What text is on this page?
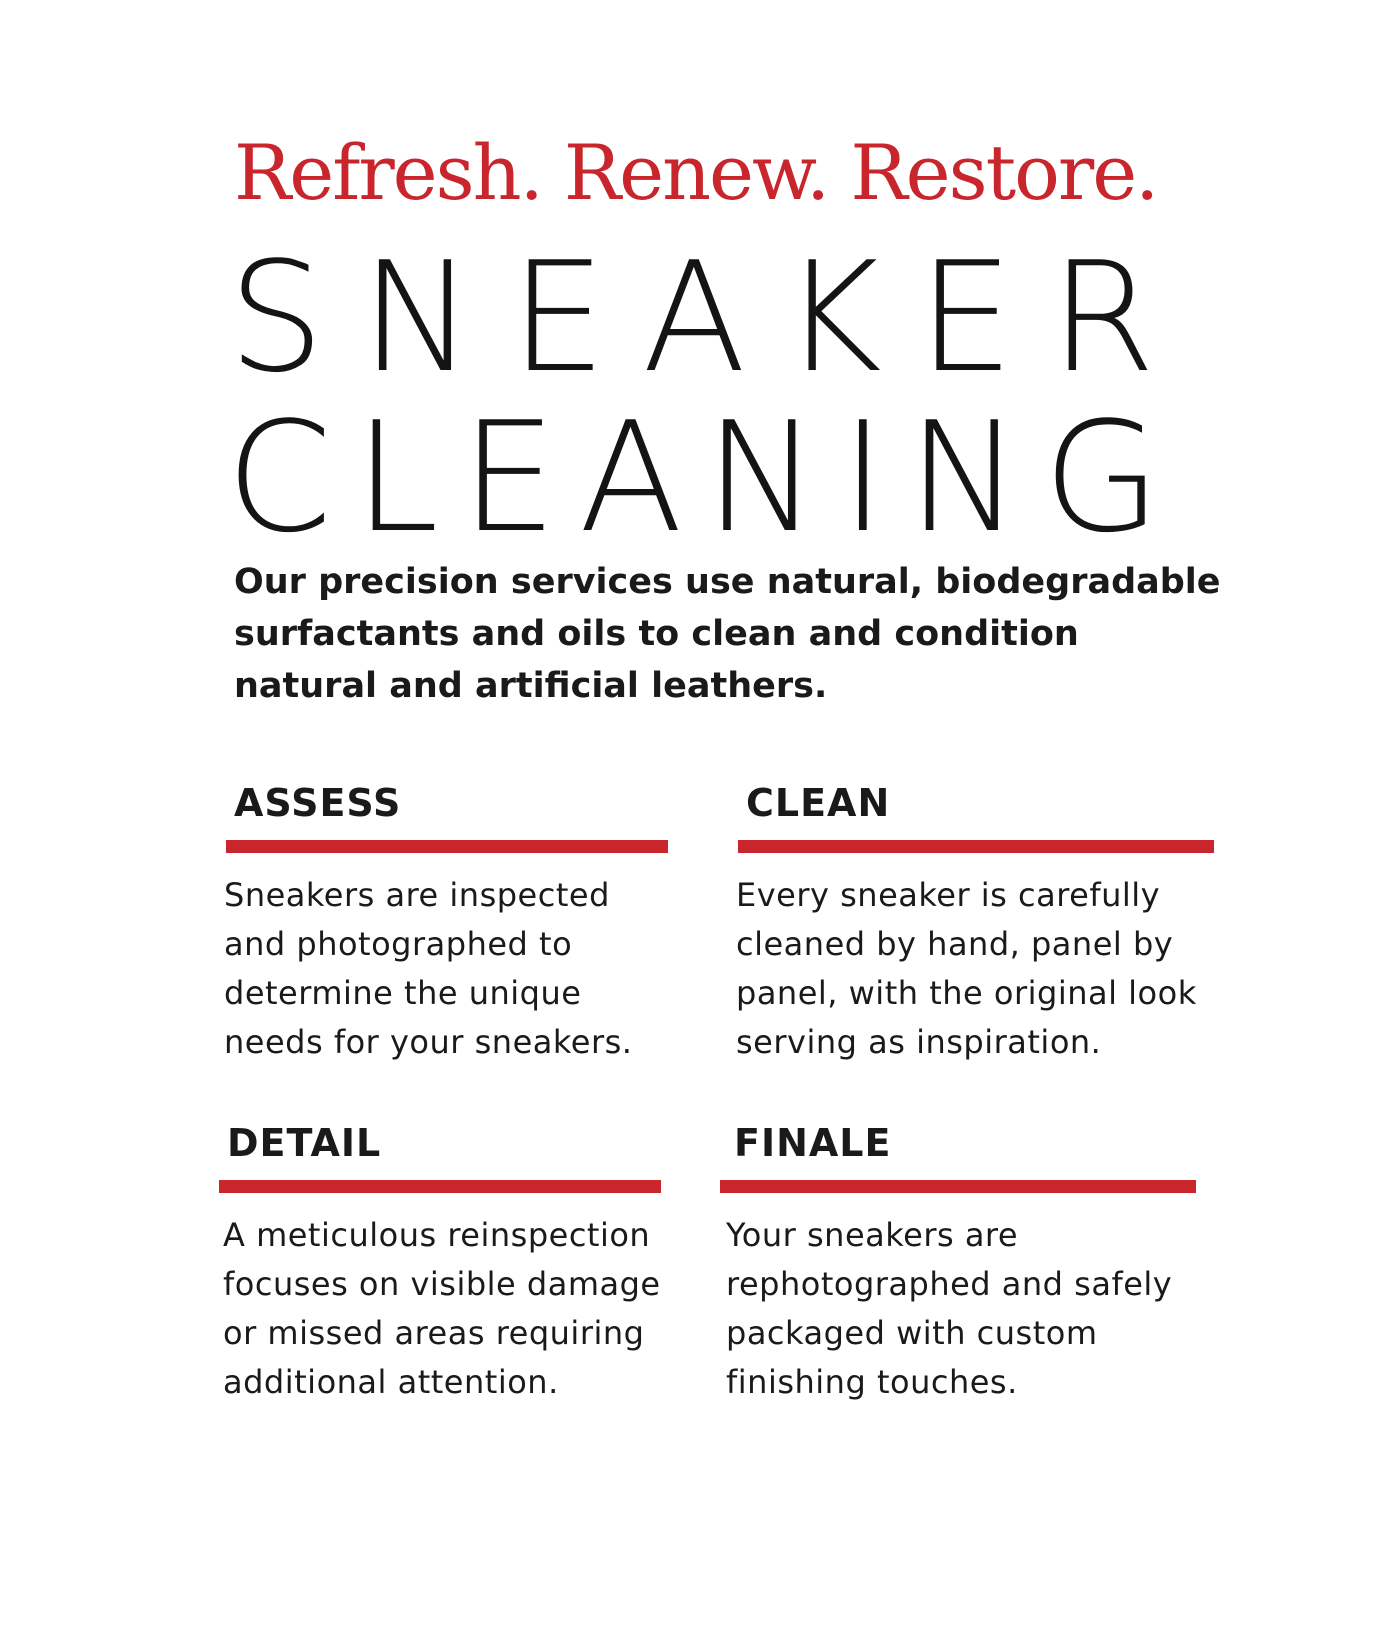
Refresh. Renew. Restore.
SNEAKER
CLEANING

Our precision services use natural, biodegradable surfactants and oils to clean and condition natural and artificial leathers.

ASSESS

Sneakers are inspected and photographed to determine the unique needs for your sneakers.

CLEAN

Every sneaker is carefully cleaned by hand, panel by panel, with the original look serving as inspiration.

DETAIL

A meticulous reinspection focuses on visible damage or missed areas requiring additional attention.

FINALE

Your sneakers are rephotographed and safely packaged with custom finishing touches.
